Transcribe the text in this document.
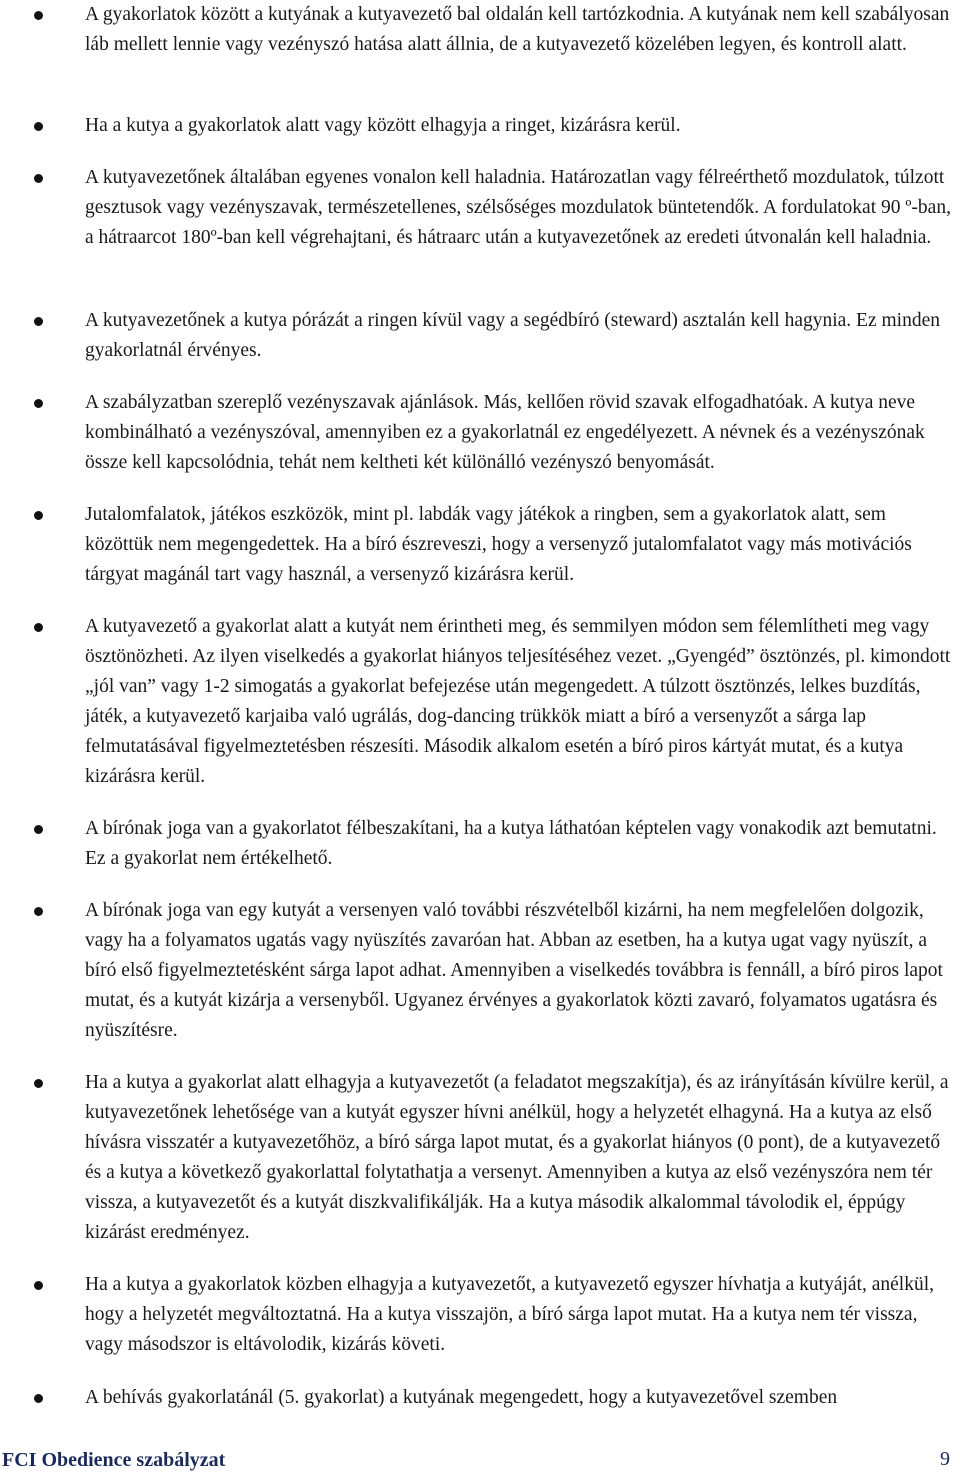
A gyakorlatok között a kutyának a kutyavezető bal oldalán kell tartózkodnia. A kutyának nem kell szabályosan láb mellett lennie vagy vezényszó hatása alatt állnia, de a kutyavezető közelében legyen, és kontroll alatt.
Ha a kutya a gyakorlatok alatt vagy között elhagyja a ringet, kizárásra kerül.
A kutyavezetőnek általában egyenes vonalon kell haladnia. Határozatlan vagy félreérthető mozdulatok, túlzott gesztusok vagy vezényszavak, természetellenes, szélsőséges mozdulatok büntetendők. A fordulatokat 90 º-ban, a hátraarcot 180º-ban kell végrehajtani, és hátraarc után a kutyavezetőnek az eredeti útvonalán kell haladnia.
A kutyavezetőnek a kutya pórázát a ringen kívül vagy a segédbíró (steward) asztalán kell hagynia. Ez minden gyakorlatnál érvényes.
A szabályzatban szereplő vezényszavak ajánlások. Más, kellően rövid szavak elfogadhatóak. A kutya neve kombinálható a vezényszóval, amennyiben ez a gyakorlatnál ez engedélyezett. A névnek és a vezényszónak össze kell kapcsolódnia, tehát nem keltheti két különálló vezényszó benyomását.
Jutalomfalatok, játékos eszközök, mint pl. labdák vagy játékok a ringben, sem a gyakorlatok alatt, sem közöttük nem megengedettek. Ha a bíró észreveszi, hogy a versenyző jutalomfalatot vagy más motivációs tárgyat magánál tart vagy használ, a versenyző kizárásra kerül.
A kutyavezető a gyakorlat alatt a kutyát nem érintheti meg, és semmilyen módon sem félemlítheti meg vagy ösztönözheti. Az ilyen viselkedés a gyakorlat hiányos teljesítéséhez vezet. „Gyengéd” ösztönzés, pl. kimondott „jól van” vagy 1-2 simogatás a gyakorlat befejezése után megengedett. A túlzott ösztönzés, lelkes buzdítás, játék, a kutyavezető karjaiba való ugrálás, dog-dancing trükkök miatt a bíró a versenyzőt a sárga lap felmutatásával figyelmeztetésben részesíti. Második alkalom esetén a bíró piros kártyát mutat, és a kutya kizárásra kerül.
A bírónak joga van a gyakorlatot félbeszakítani, ha a kutya láthatóan képtelen vagy vonakodik azt bemutatni. Ez a gyakorlat nem értékelhető.
A bírónak joga van egy kutyát a versenyen való további részvételből kizárni, ha nem megfelelően dolgozik, vagy ha a folyamatos ugatás vagy nyüszítés zavaróan hat. Abban az esetben, ha a kutya ugat vagy nyüszít, a bíró első figyelmeztetésként sárga lapot adhat. Amennyiben a viselkedés továbbra is fennáll, a bíró piros lapot mutat, és a kutyát kizárja a versenyből. Ugyanez érvényes a gyakorlatok közti zavaró, folyamatos ugatásra és nyüszítésre.
Ha a kutya a gyakorlat alatt elhagyja a kutyavezetőt (a feladatot megszakítja), és az irányításán kívülre kerül, a kutyavezetőnek lehetősége van a kutyát egyszer hívni anélkül, hogy a helyzetét elhagyná. Ha a kutya az első hívásra visszatér a kutyavezetőhöz, a bíró sárga lapot mutat, és a gyakorlat hiányos (0 pont), de a kutyavezető és a kutya a következő gyakorlattal folytathatja a versenyt. Amennyiben a kutya az első vezényszóra nem tér vissza, a kutyavezetőt és a kutyát diszkvalifikálják. Ha a kutya második alkalommal távolodik el, éppúgy kizárást eredményez.
Ha a kutya a gyakorlatok közben elhagyja a kutyavezetőt, a kutyavezető egyszer hívhatja a kutyáját, anélkül, hogy a helyzetét megváltoztatná. Ha a kutya visszajön, a bíró sárga lapot mutat. Ha a kutya nem tér vissza, vagy másodszor is eltávolodik, kizárás követi.
A behívás gyakorlatánál (5. gyakorlat) a kutyának megengedett, hogy a kutyavezetővel szemben
FCI Obedience szabályzat	9
